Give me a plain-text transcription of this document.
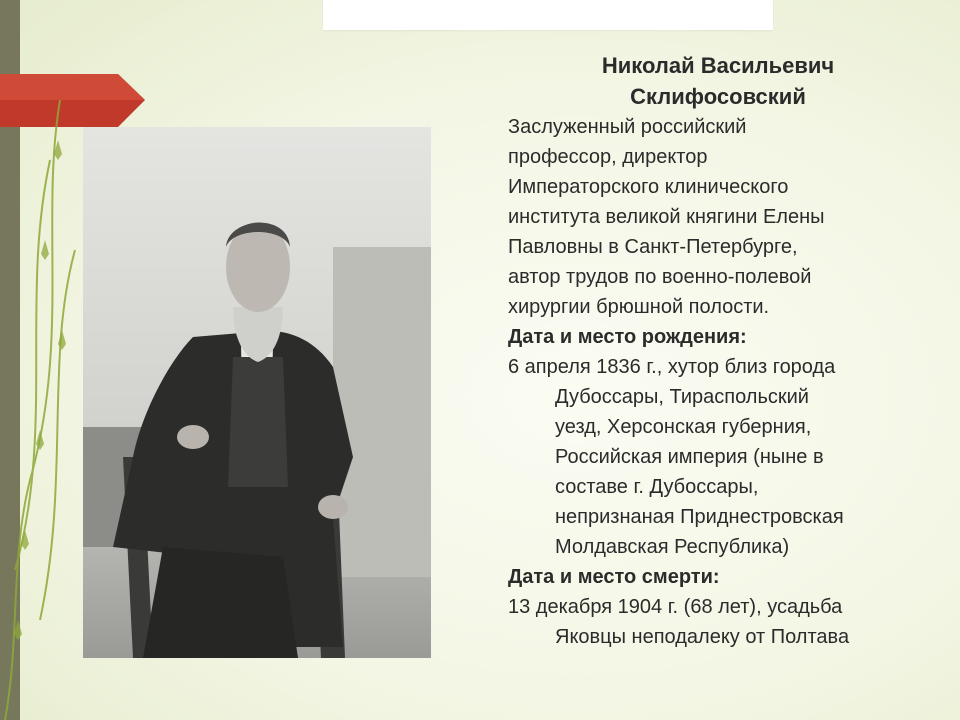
Николай Васильевич
Склифосовский
Заслуженный российский
профессор, директор
Императорского клинического
института великой княгини Елены
Павловны в Санкт-Петербурге,
автор трудов по военно-полевой
хирургии брюшной полости.
Дата и место рождения:
6 апреля 1836 г., хутор близ города
Дубоссары, Тираспольский
уезд, Херсонская губерния,
Российская империя (ныне в
составе г. Дубоссары,
непризнаная Приднестровская
Молдавская Республика)
Дата и место смерти:
13 декабря 1904 г. (68 лет), усадьба
Яковцы неподалеку от Полтава
